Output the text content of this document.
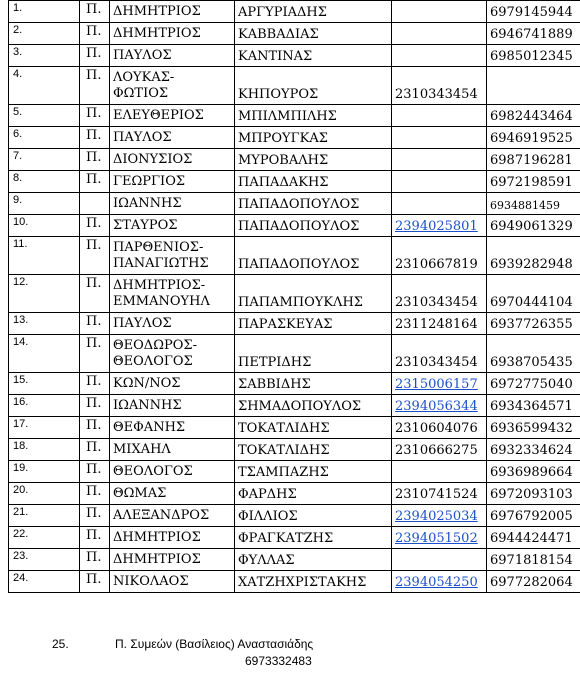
1.	Π.	ΔΗΜΗΤΡΙΟΣ	ΑΡΓΥΡΙΑΔΗΣ		6979145944
2.	Π.	ΔΗΜΗΤΡΙΟΣ	ΚΑΒΒΑΔΙΑΣ		6946741889
3.	Π.	ΠΑΥΛΟΣ	ΚΑΝΤΙΝΑΣ		6985012345
4.	Π.	ΛΟΥΚΑΣ-
ΦΩΤΙΟΣ	ΚΗΠΟΥΡΟΣ	2310343454	
5.	Π.	ΕΛΕΥΘΕΡΙΟΣ	ΜΠΙΛΜΠΙΛΗΣ		6982443464
6.	Π.	ΠΑΥΛΟΣ	ΜΠΡΟΥΓΚΑΣ		6946919525
7.	Π.	ΔΙΟΝΥΣΙΟΣ	ΜΥΡΟΒΑΛΗΣ		6987196281
8.	Π.	ΓΕΩΡΓΙΟΣ	ΠΑΠΑΔΑΚΗΣ		6972198591
9.		ΙΩΑΝΝΗΣ	ΠΑΠΑΔΟΠΟΥΛΟΣ		6934881459
10.	Π.	ΣΤΑΥΡΟΣ	ΠΑΠΑΔΟΠΟΥΛΟΣ	2394025801	6949061329
11.	Π.	ΠΑΡΘΕΝΙΟΣ-
ΠΑΝΑΓΙΩΤΗΣ	ΠΑΠΑΔΟΠΟΥΛΟΣ	2310667819	6939282948
12.	Π.	ΔΗΜΗΤΡΙΟΣ-
ΕΜΜΑΝΟΥΗΛ	ΠΑΠΑΜΠΟΥΚΛΗΣ	2310343454	6970444104
13.	Π.	ΠΑΥΛΟΣ	ΠΑΡΑΣΚΕΥΑΣ	2311248164	6937726355
14.	Π.	ΘΕΟΔΩΡΟΣ-
ΘΕΟΛΟΓΟΣ	ΠΕΤΡΙΔΗΣ	2310343454	6938705435
15.	Π.	ΚΩΝ/ΝΟΣ	ΣΑΒΒΙΔΗΣ	2315006157	6972775040
16.	Π.	ΙΩΑΝΝΗΣ	ΣΗΜΑΔΟΠΟΥΛΟΣ	2394056344	6934364571
17.	Π.	ΘΕΦΑΝΗΣ	ΤΟΚΑΤΛΙΔΗΣ	2310604076	6936599432
18.	Π.	ΜΙΧΑΗΛ	ΤΟΚΑΤΛΙΔΗΣ	2310666275	6932334624
19.	Π.	ΘΕΟΛΟΓΟΣ	ΤΣΑΜΠΑΖΗΣ		6936989664
20.	Π.	ΘΩΜΑΣ	ΦΑΡΔΗΣ	2310741524	6972093103
21.	Π.	ΑΛΕΞΑΝΔΡΟΣ	ΦΙΛΛΙΟΣ	2394025034	6976792005
22.	Π.	ΔΗΜΗΤΡΙΟΣ	ΦΡΑΓΚΑΤΖΗΣ	2394051502	6944424471
23.	Π.	ΔΗΜΗΤΡΙΟΣ	ΦΥΛΛΑΣ		6971818154
24.	Π.	ΝΙΚΟΛΑΟΣ	ΧΑΤΖΗΧΡΙΣΤΑΚΗΣ	2394054250	6977282064
25.	Π. Συμεών (Βασίλειος) Αναστασιάδης
6973332483
